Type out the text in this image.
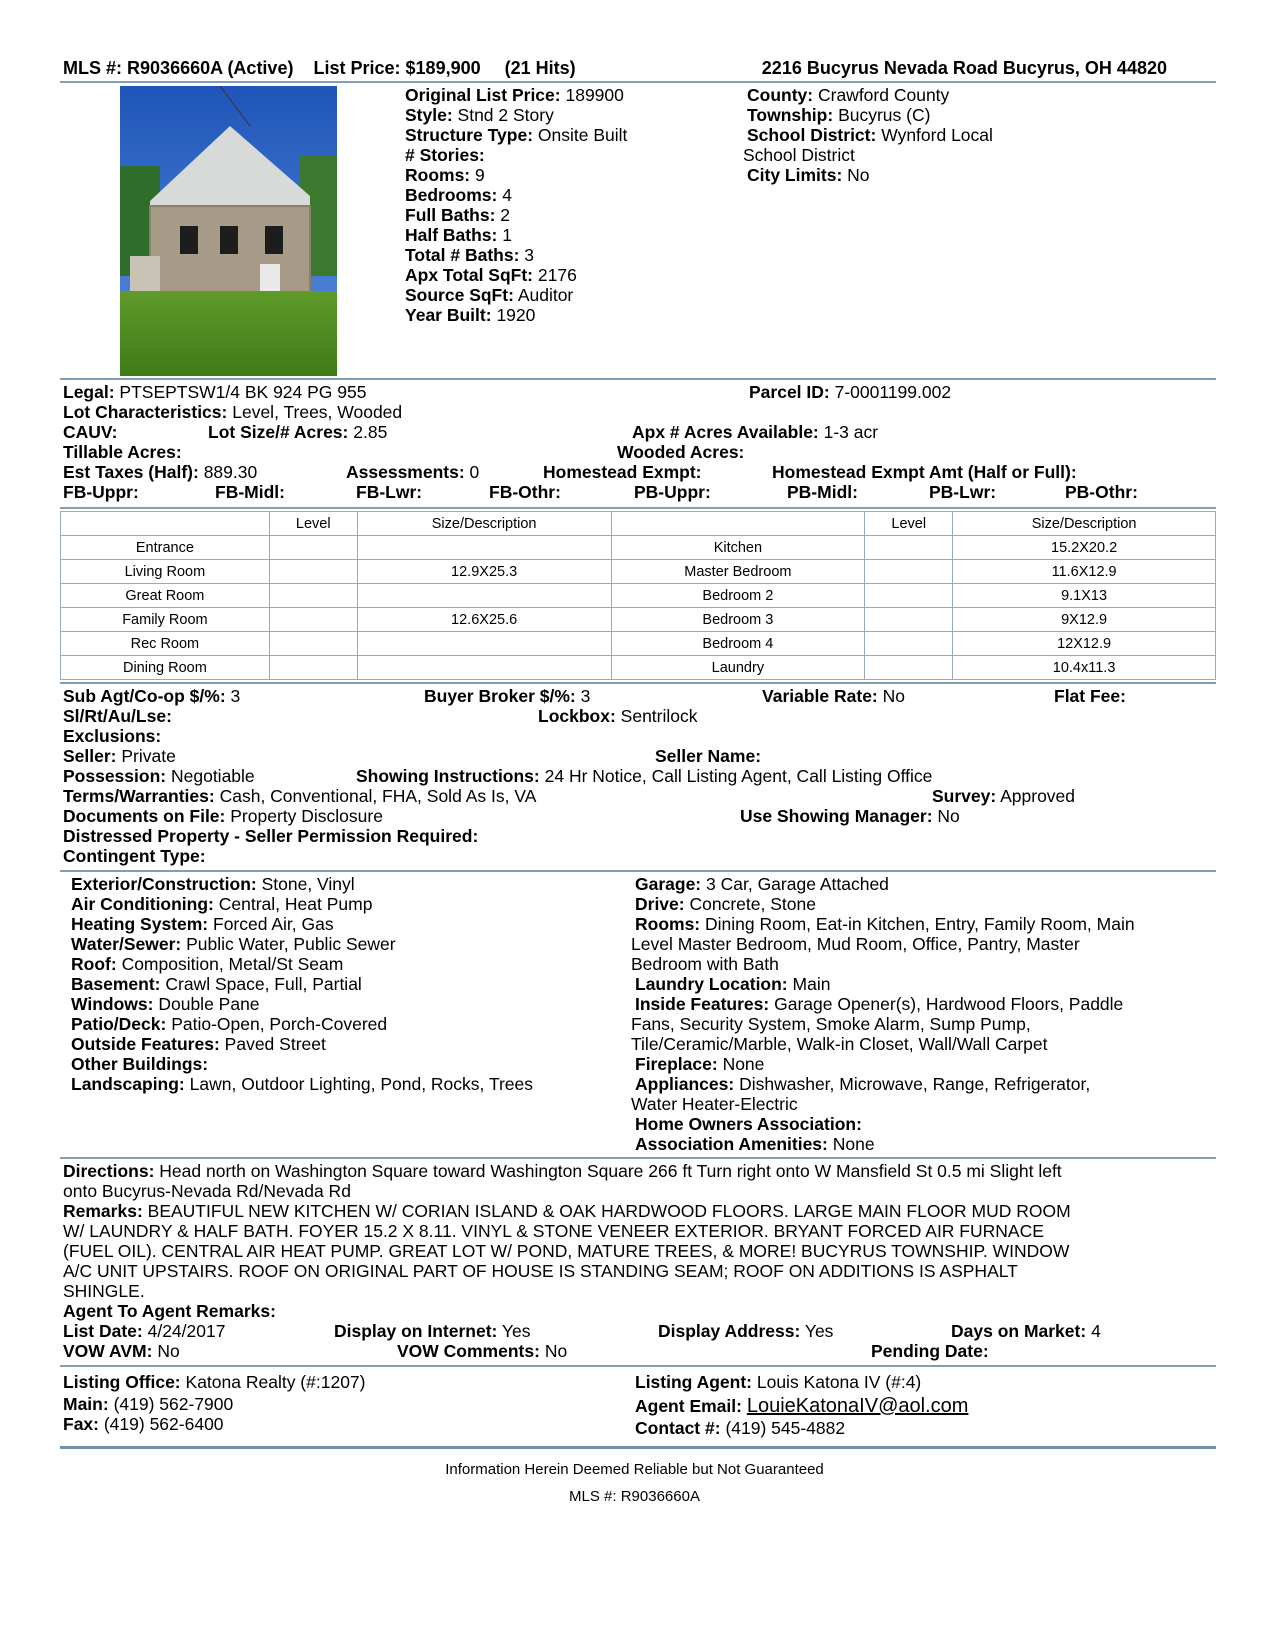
MLS #: R9036660A (Active) List Price: $189,900 (21 Hits)	2216 Bucyrus Nevada Road Bucyrus, OH 44820
Original List Price: 189900
Style: Stnd 2 Story
Structure Type: Onsite Built
# Stories:
Rooms: 9
Bedrooms: 4
Full Baths: 2
Half Baths: 1
Total # Baths: 3
Apx Total SqFt: 2176
Source SqFt: Auditor
Year Built: 1920
County: Crawford County
Township: Bucyrus (C)
School District: Wynford Local
School District
City Limits: No
Legal: PTSEPTSW1/4 BK 924 PG 955	Parcel ID: 7-0001199.002
Lot Characteristics: Level, Trees, Wooded
CAUV:	Lot Size/# Acres: 2.85	Apx # Acres Available: 1-3 acr
Tillable Acres:	Wooded Acres:
Est Taxes (Half): 889.30	Assessments: 0	Homestead Exmpt:	Homestead Exmpt Amt (Half or Full):
FB-Uppr:	FB-Midl:	FB-Lwr:	FB-Othr:	PB-Uppr:	PB-Midl:	PB-Lwr:	PB-Othr:
	Level	Size/Description		Level	Size/Description
Entrance			Kitchen		15.2X20.2
Living Room		12.9X25.3	Master Bedroom		11.6X12.9
Great Room			Bedroom 2		9.1X13
Family Room		12.6X25.6	Bedroom 3		9X12.9
Rec Room			Bedroom 4		12X12.9
Dining Room			Laundry		10.4x11.3
Sub Agt/Co-op $/%: 3	Buyer Broker $/%: 3	Variable Rate: No	Flat Fee:
Sl/Rt/Au/Lse:	Lockbox: Sentrilock
Exclusions:
Seller: Private	Seller Name:
Possession: Negotiable	Showing Instructions: 24 Hr Notice, Call Listing Agent, Call Listing Office
Terms/Warranties: Cash, Conventional, FHA, Sold As Is, VA	Survey: Approved
Documents on File: Property Disclosure	Use Showing Manager: No
Distressed Property - Seller Permission Required:
Contingent Type:
Exterior/Construction: Stone, Vinyl
Air Conditioning: Central, Heat Pump
Heating System: Forced Air, Gas
Water/Sewer: Public Water, Public Sewer
Roof: Composition, Metal/St Seam
Basement: Crawl Space, Full, Partial
Windows: Double Pane
Patio/Deck: Patio-Open, Porch-Covered
Outside Features: Paved Street
Other Buildings:
Landscaping: Lawn, Outdoor Lighting, Pond, Rocks, Trees
Garage: 3 Car, Garage Attached
Drive: Concrete, Stone
Rooms: Dining Room, Eat-in Kitchen, Entry, Family Room, Main
Level Master Bedroom, Mud Room, Office, Pantry, Master
Bedroom with Bath
Laundry Location: Main
Inside Features: Garage Opener(s), Hardwood Floors, Paddle
Fans, Security System, Smoke Alarm, Sump Pump,
Tile/Ceramic/Marble, Walk-in Closet, Wall/Wall Carpet
Fireplace: None
Appliances: Dishwasher, Microwave, Range, Refrigerator,
Water Heater-Electric
Home Owners Association:
Association Amenities: None
Directions: Head north on Washington Square toward Washington Square 266 ft Turn right onto W Mansfield St 0.5 mi Slight left
onto Bucyrus-Nevada Rd/Nevada Rd
Remarks: BEAUTIFUL NEW KITCHEN W/ CORIAN ISLAND & OAK HARDWOOD FLOORS. LARGE MAIN FLOOR MUD ROOM
W/ LAUNDRY & HALF BATH. FOYER 15.2 X 8.11. VINYL & STONE VENEER EXTERIOR. BRYANT FORCED AIR FURNACE
(FUEL OIL). CENTRAL AIR HEAT PUMP. GREAT LOT W/ POND, MATURE TREES, & MORE! BUCYRUS TOWNSHIP. WINDOW
A/C UNIT UPSTAIRS. ROOF ON ORIGINAL PART OF HOUSE IS STANDING SEAM; ROOF ON ADDITIONS IS ASPHALT
SHINGLE.
Agent To Agent Remarks:
List Date: 4/24/2017	Display on Internet: Yes	Display Address: Yes	Days on Market: 4
VOW AVM: No	VOW Comments: No	Pending Date:
Listing Office: Katona Realty (#:1207)
Main: (419) 562-7900
Fax: (419) 562-6400
Listing Agent: Louis Katona IV (#:4)
Agent Email: LouieKatonaIV@aol.com
Contact #: (419) 545-4882
Information Herein Deemed Reliable but Not Guaranteed
MLS #: R9036660A
